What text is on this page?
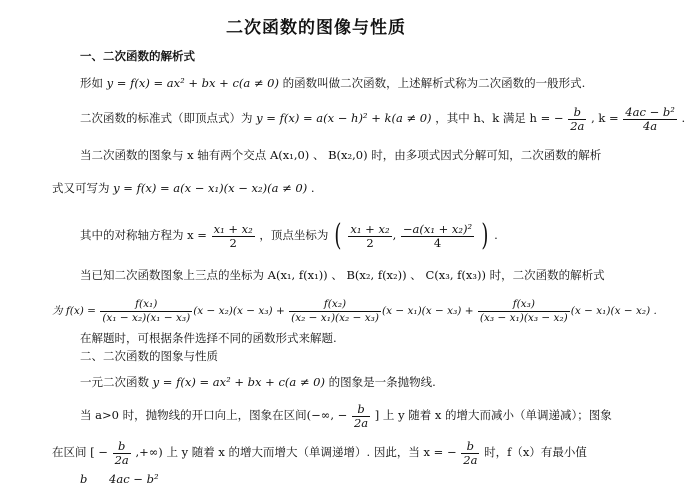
二次函数的图像与性质
一、二次函数的解析式
形如 y = f(x) = ax² + bx + c(a ≠ 0) 的函数叫做二次函数，上述解析式称为二次函数的一般形式.
二次函数的标准式（即顶点式）为 y = f(x) = a(x − h)² + k(a ≠ 0) ，其中 h、k 满足 h = − $\frac{b}{2a}$ , $k = \frac{\text{4ac − b²}}{4a}$ .
当二次函数的图象与 x 轴有两个交点 A(x₁,0) 、 B(x₂,0) 时，由多项式因式分解可知，二次函数的解析
式又可写为 y = f(x) = a(x − x₁)(x − x₂)(a ≠ 0) .
其中的对称轴方程为 $x = \frac{\text{x₁ + x₂}}{2}$ ，顶点坐标为 ( $\frac{\text{x₁ + x₂}}{2}$ , $\frac{\text{−a(x₁ + x₂)²}}{4}$ ) .
当已知二次函数图象上三点的坐标为 A(x₁, f(x₁)) 、 B(x₂, f(x₂)) 、 C(x₃, f(x₃)) 时，二次函数的解析式
为 $f(x) = \frac{\text{f(x₁)}}{\text{(x₁ − x₂)(x₁ − x₃)}} (x - x_2)(x - x_3) + \frac{\text{f(x₂)}}{\text{(x₂ − x₁)(x₂ − x₃)}} (x - x_1)(x - x_3) + \frac{\text{f(x₃)}}{\text{(x₃ − x₁)(x₃ − x₂)}} (x - x_1)(x - x_2)$ .
在解题时，可根据条件选择不同的函数形式来解题.
二、二次函数的图象与性质
一元二次函数 y = f(x) = ax² + bx + c(a ≠ 0) 的图象是一条抛物线.
当 a>0 时，抛物线的开口向上，图象在区间(−∞, − $\frac{b}{2a}$ ] 上 y 随着 x 的增大而减小（单调递减）；图象
在区间 [ − $\frac{b}{2a}$ ,+∞) 上 y 随着 x 的增大而增大（单调递增）. 因此，当 x = − $\frac{b}{2a}$ 时，f（x）有最小值
b 4ac − b²
